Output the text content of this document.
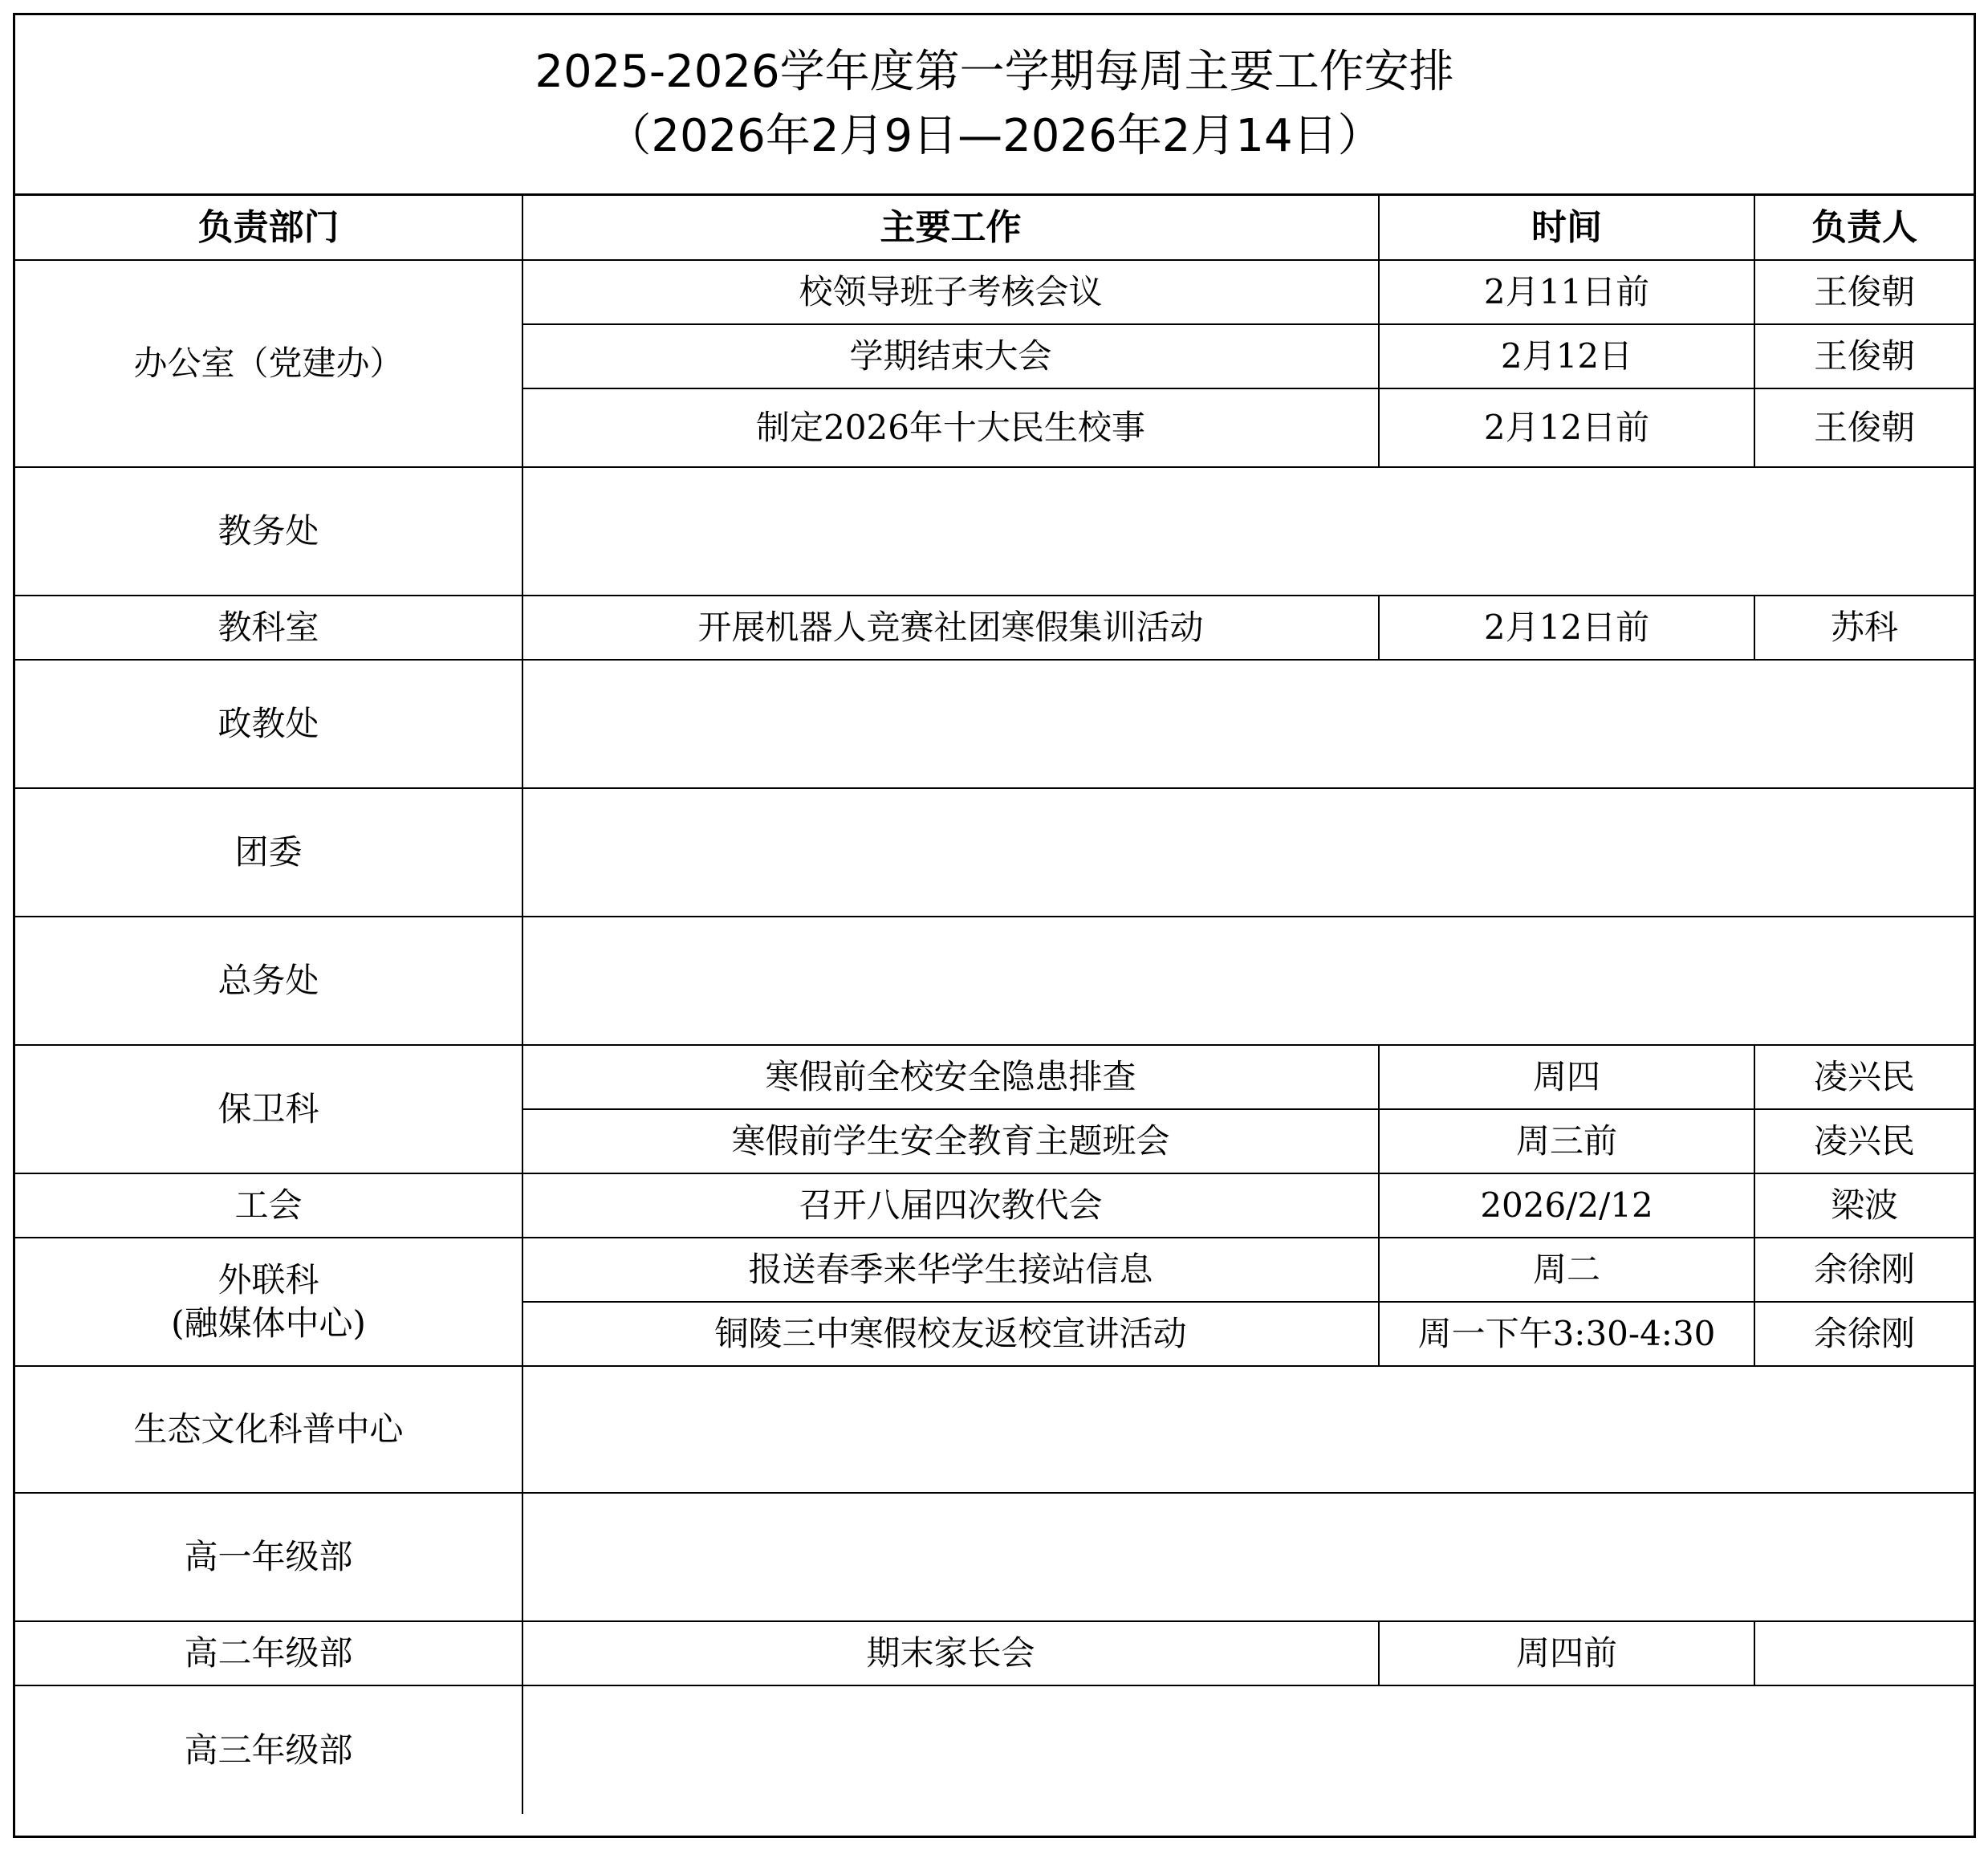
2025-2026学年度第一学期每周主要工作安排
（2026年2月9日—2026年2月14日）
负责部门	主要工作	时间	负责人
办公室（党建办）	校领导班子考核会议	2月11日前	王俊朝
	学期结束大会	2月12日	王俊朝
	制定2026年十大民生校事	2月12日前	王俊朝
教务处			
教科室	开展机器人竞赛社团寒假集训活动	2月12日前	苏科
政教处			
团委			
总务处			
保卫科	寒假前全校安全隐患排查	周四	凌兴民
	寒假前学生安全教育主题班会	周三前	凌兴民
工会	召开八届四次教代会	2026/2/12	梁波

外联科
(融媒体中心)	报送春季来华学生接站信息	周二	余徐刚
	铜陵三中寒假校友返校宣讲活动	周一下午3:30-4:30	余徐刚
生态文化科普中心			
高一年级部			
高二年级部	期末家长会	周四前	
高三年级部			
